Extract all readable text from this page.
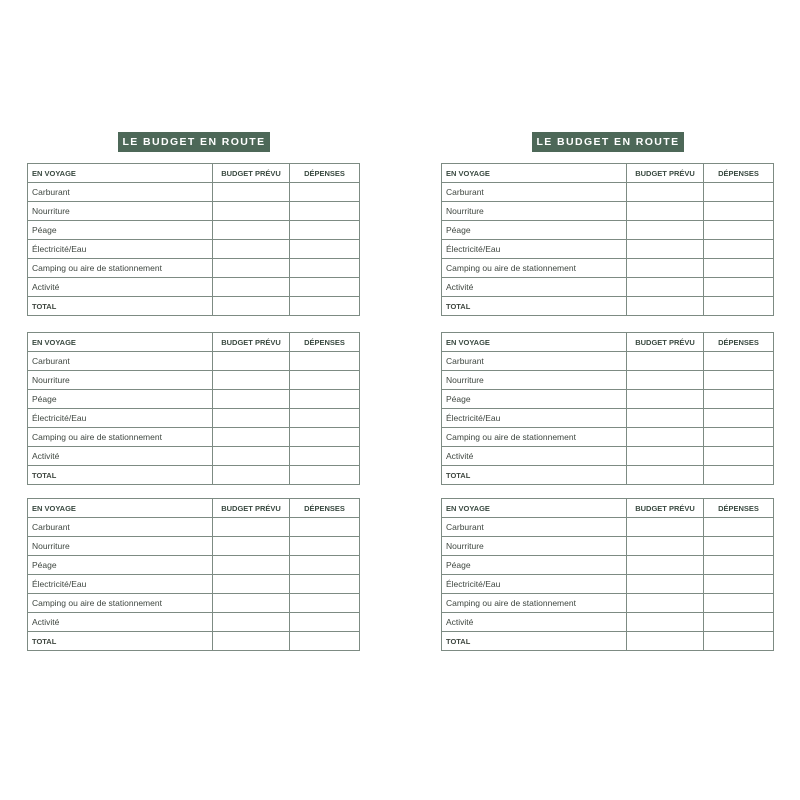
LE BUDGET EN ROUTE
EN VOYAGE	BUDGET PRÉVU	DÉPENSES
Carburant		
Nourriture		
Péage		
Électricité/Eau		
Camping ou aire de stationnement		
Activité		
TOTAL		
EN VOYAGE	BUDGET PRÉVU	DÉPENSES
Carburant		
Nourriture		
Péage		
Électricité/Eau		
Camping ou aire de stationnement		
Activité		
TOTAL		
EN VOYAGE	BUDGET PRÉVU	DÉPENSES
Carburant		
Nourriture		
Péage		
Électricité/Eau		
Camping ou aire de stationnement		
Activité		
TOTAL		
LE BUDGET EN ROUTE
EN VOYAGE	BUDGET PRÉVU	DÉPENSES
Carburant		
Nourriture		
Péage		
Électricité/Eau		
Camping ou aire de stationnement		
Activité		
TOTAL		
EN VOYAGE	BUDGET PRÉVU	DÉPENSES
Carburant		
Nourriture		
Péage		
Électricité/Eau		
Camping ou aire de stationnement		
Activité		
TOTAL		
EN VOYAGE	BUDGET PRÉVU	DÉPENSES
Carburant		
Nourriture		
Péage		
Électricité/Eau		
Camping ou aire de stationnement		
Activité		
TOTAL		
